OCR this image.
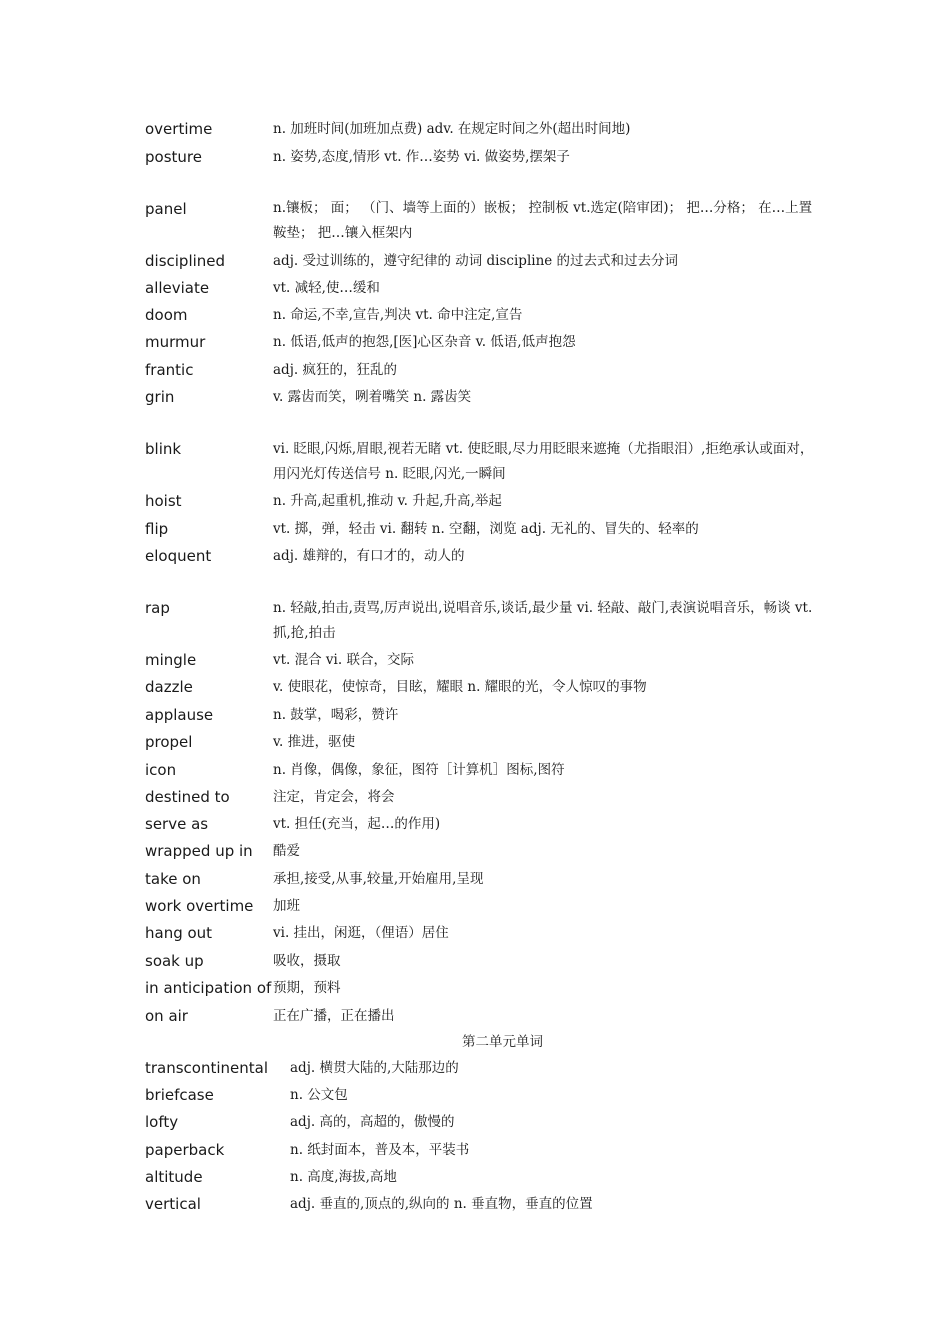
overtime	n. 加班时间(加班加点费) adv. 在规定时间之外(超出时间地)
posture	n. 姿势,态度,情形 vt. 作…姿势 vi. 做姿势,摆架子
panel	n.镶板； 面； （门、墙等上面的）嵌板； 控制板 vt.选定(陪审团)； 把…分格； 在…上置鞍垫； 把…镶入框架内
disciplined	adj. 受过训练的，遵守纪律的 动词 discipline 的过去式和过去分词
alleviate	vt. 减轻,使…缓和
doom	n. 命运,不幸,宣告,判决 vt. 命中注定,宣告
murmur	n. 低语,低声的抱怨,[医]心区杂音 v. 低语,低声抱怨
frantic	adj. 疯狂的，狂乱的
grin	v. 露齿而笑，咧着嘴笑 n. 露齿笑
blink	vi. 眨眼,闪烁,眉眼,视若无睹 vt. 使眨眼,尽力用眨眼来遮掩（尤指眼泪）,拒绝承认或面对，用闪光灯传送信号 n. 眨眼,闪光,一瞬间
hoist	n. 升高,起重机,推动 v. 升起,升高,举起
flip	vt. 掷，弹，轻击 vi. 翻转 n. 空翻，浏览 adj. 无礼的、冒失的、轻率的
eloquent	adj. 雄辩的，有口才的，动人的
rap	n. 轻敲,拍击,责骂,厉声说出,说唱音乐,谈话,最少量 vi. 轻敲、敲门,表演说唱音乐，畅谈 vt.抓,抢,拍击
mingle	vt. 混合 vi. 联合，交际
dazzle	v. 使眼花，使惊奇，目眩，耀眼 n. 耀眼的光，令人惊叹的事物
applause	n. 鼓掌，喝彩，赞许
propel	v. 推进，驱使
icon	n. 肖像，偶像，象征，图符［计算机］图标,图符
destined to	注定，肯定会，将会
serve as	vt. 担任(充当，起…的作用)
wrapped up in 酷爱
take on	承担,接受,从事,较量,开始雇用,呈现
work overtime 加班
hang out	vi. 挂出，闲逛，（俚语）居住
soak up	吸收，摄取
in anticipation of 预期，预料
on air	正在广播，正在播出
第二单元单词
transcontinental adj. 横贯大陆的,大陆那边的
briefcase	n. 公文包
lofty	adj. 高的，高超的，傲慢的
paperback	n. 纸封面本，普及本，平装书
altitude	n. 高度,海拔,高地
vertical	adj. 垂直的,顶点的,纵向的 n. 垂直物，垂直的位置
